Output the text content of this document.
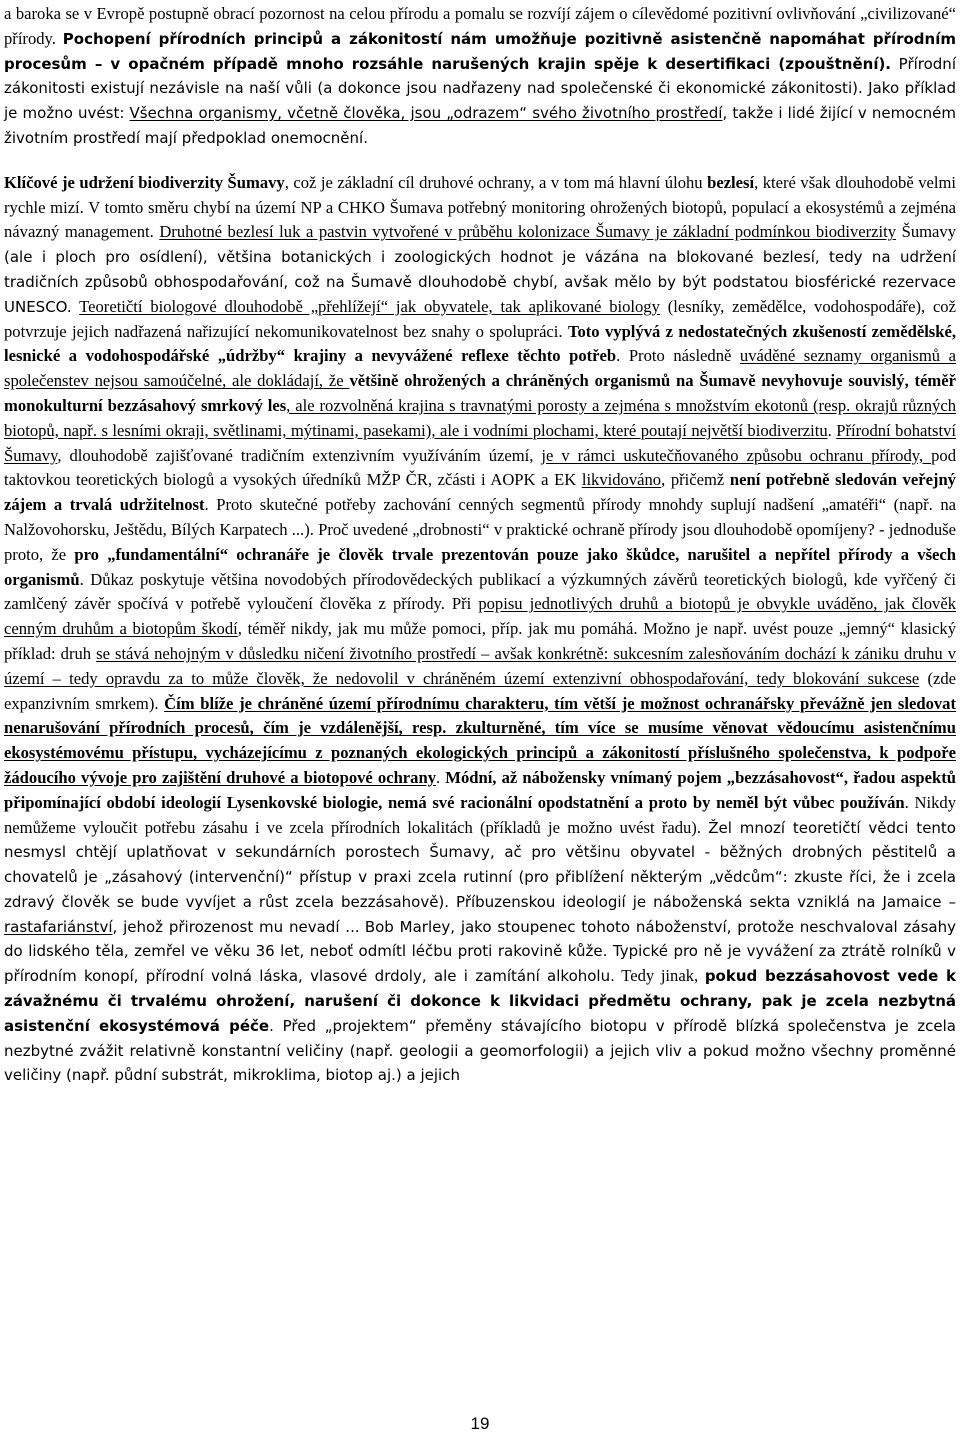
a baroka se v Evropě postupně obrací pozornost na celou přírodu a pomalu se rozvíjí zájem o cílevědomé pozitivní ovlivňování „civilizované“ přírody. Pochopení přírodních principů a zákonitostí nám umožňuje pozitivně asistenčně napomáhat přírodním procesům – v opačném případě mnoho rozsáhle narušených krajin spěje k desertifikaci (zpouštnění). Přírodní zákonitosti existují nezávisle na naší vůli (a dokonce jsou nadřazeny nad společenské či ekonomické zákonitosti). Jako příklad je možno uvést: Všechna organismy, včetně člověka, jsou „odrazem“ svého životního prostředí, takže i lidé žijící v nemocném životním prostředí mají předpoklad onemocnění.

Klíčové je udržení biodiverzity Šumavy, což je základní cíl druhové ochrany, a v tom má hlavní úlohu bezlesí, které však dlouhodobě velmi rychle mizí. V tomto směru chybí na území NP a CHKO Šumava potřebný monitoring ohrožených biotopů, populací a ekosystémů a zejména návazný management. Druhotné bezlesí luk a pastvin vytvořené v průběhu kolonizace Šumavy je základní podmínkou biodiverzity Šumavy (ale i ploch pro osídlení), většina botanických i zoologických hodnot je vázána na blokované bezlesí, tedy na udržení tradičních způsobů obhospodařování, což na Šumavě dlouhodobě chybí, avšak mělo by být podstatou biosférické rezervace UNESCO. Teoretičtí biologové dlouhodobě „přehlížejí“ jak obyvatele, tak aplikované biology (lesníky, zemědělce, vodohospodáře), což potvrzuje jejich nadřazená nařizující nekomunikovatelnost bez snahy o spolupráci. Toto vyplývá z nedostatečných zkušeností zemědělské, lesnické a vodohospodářské „údržby“ krajiny a nevyvážené reflexe těchto potřeb. Proto následně uváděné seznamy organismů a společenstev nejsou samoúčelné, ale dokládají, že většině ohrožených a chráněných organismů na Šumavě nevyhovuje souvislý, téměř monokulturní bezzásahový smrkový les, ale rozvolněná krajina s travnatými porosty a zejména s množstvím ekotonů (resp. okrajů různých biotopů, např. s lesními okraji, světlinami, mýtinami, pasekami), ale i vodními plochami, které poutají největší biodiverzitu. Přírodní bohatství Šumavy, dlouhodobě zajišťované tradičním extenzivním využíváním území, je v rámci uskutečňovaného způsobu ochranu přírody, pod taktovkou teoretických biologů a vysokých úředníků MŽP ČR, zčásti i AOPK a EK likvidováno, přičemž není potřebně sledován veřejný zájem a trvalá udržitelnost. Proto skutečné potřeby zachování cenných segmentů přírody mnohdy suplují nadšení „amatéři“ (např. na Nalžovohorsku, Ještědu, Bílých Karpatech ...). Proč uvedené „drobnosti“ v praktické ochraně přírody jsou dlouhodobě opomíjeny? - jednoduše proto, že pro „fundamentální“ ochranáře je člověk trvale prezentován pouze jako škůdce, narušitel a nepřítel přírody a všech organismů. Důkaz poskytuje většina novodobých přírodovědeckých publikací a výzkumných závěrů teoretických biologů, kde vyřčený či zamlčený závěr spočívá v potřebě vyloučení člověka z přírody. Při popisu jednotlivých druhů a biotopů je obvykle uváděno, jak člověk cenným druhům a biotopům škodí, téměř nikdy, jak mu může pomoci, příp. jak mu pomáhá. Možno je např. uvést pouze „jemný“ klasický příklad: druh se stává nehojným v důsledku ničení životního prostředí – avšak konkrétně: sukcesním zalesňováním dochází k zániku druhu v území – tedy opravdu za to může člověk, že nedovolil v chráněném území extenzivní obhospodařování, tedy blokování sukcese (zde expanzivním smrkem). Čím blíže je chráněné území přírodnímu charakteru, tím větší je možnost ochranářsky převážně jen sledovat nenarušování přírodních procesů, čím je vzdálenější, resp. zkulturněné, tím více se musíme věnovat vědoucímu asistenčnímu ekosystémovému přístupu, vycházejícímu z poznaných ekologických principů a zákonitostí příslušného společenstva, k podpoře žádoucího vývoje pro zajištění druhové a biotopové ochrany. Módní, až nábožensky vnímaný pojem „bezzásahovost“, řadou aspektů připomínající období ideologií Lysenkovské biologie, nemá své racionální opodstatnění a proto by neměl být vůbec používán. Nikdy nemůžeme vyloučit potřebu zásahu i ve zcela přírodních lokalitách (příkladů je možno uvést řadu). Žel mnozí teoretičtí vědci tento nesmysl chtějí uplatňovat v sekundárních porostech Šumavy, ač pro většinu obyvatel - běžných drobných pěstitelů a chovatelů je „zásahový (intervenční)“ přístup v praxi zcela rutinní (pro přiblížení některým „vědcům“: zkuste říci, že i zcela zdravý člověk se bude vyvíjet a růst zcela bezzásahově). Příbuzenskou ideologií je náboženská sekta vzniklá na Jamaice – rastafariánství, jehož přirozenost mu nevadí ... Bob Marley, jako stoupenec tohoto náboženství, protože neschvaloval zásahy do lidského těla, zemřel ve věku 36 let, neboť odmítl léčbu proti rakovině kůže. Typické pro ně je vyvážení za ztrátě rolníků v přírodním konopí, přírodní volná láska, vlasové drdoly, ale i zamítání alkoholu. Tedy jinak, pokud bezzásahovost vede k závažnému či trvalému ohrožení, narušení či dokonce k likvidaci předmětu ochrany, pak je zcela nezbytná asistenční ekosystémová péče. Před „projektem“ přeměny stávajícího biotopu v přírodě blízká společenstva je zcela nezbytné zvážit relativně konstantní veličiny (např. geologii a geomorfologii) a jejich vliv a pokud možno všechny proměnné veličiny (např. půdní substrát, mikroklima, biotop aj.) a jejich

19
